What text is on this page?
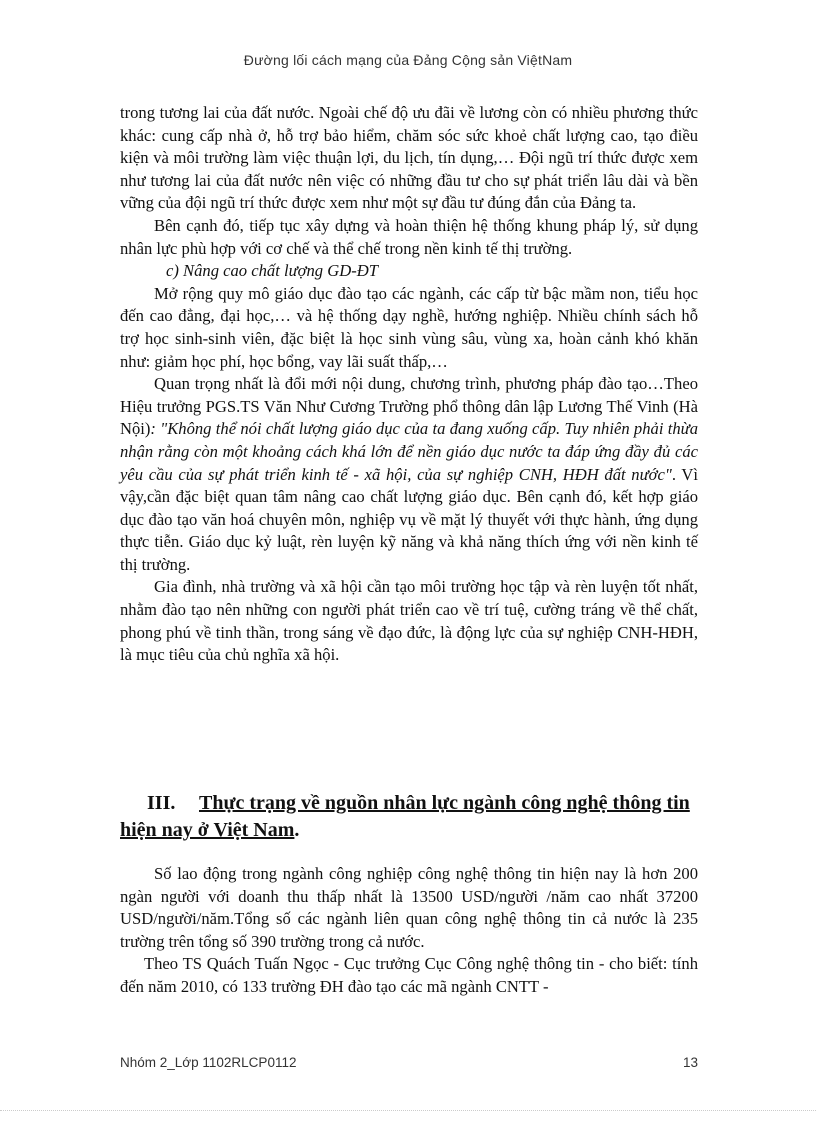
Đường lối cách mạng của Đảng Cộng sản ViệtNam

trong tương lai của đất nước. Ngoài chế độ ưu đãi về lương còn có nhiều phương thức khác: cung cấp nhà ở, hỗ trợ bảo hiểm, chăm sóc sức khoẻ chất lượng cao, tạo điều kiện và môi trường làm việc thuận lợi, du lịch, tín dụng,… Đội ngũ trí thức được xem như tương lai của đất nước nên việc có những đầu tư cho sự phát triển lâu dài và bền vững của đội ngũ trí thức được xem như một sự đầu tư đúng đắn của Đảng ta.

Bên cạnh đó, tiếp tục xây dựng và hoàn thiện hệ thống khung pháp lý, sử dụng nhân lực phù hợp với cơ chế và thể chế trong nền kinh tế thị trường.

c) Nâng cao chất lượng GD-ĐT

Mở rộng quy mô giáo dục đào tạo các ngành, các cấp từ bậc mầm non, tiểu học đến cao đẳng, đại học,… và hệ thống dạy nghề, hướng nghiệp. Nhiều chính sách hỗ trợ học sinh-sinh viên, đặc biệt là học sinh vùng sâu, vùng xa, hoàn cảnh khó khăn như: giảm học phí, học bổng, vay lãi suất thấp,…

Quan trọng nhất là đổi mới nội dung, chương trình, phương pháp đào tạo…Theo Hiệu trưởng PGS.TS Văn Như Cương Trường phổ thông dân lập Lương Thế Vinh (Hà Nội): "Không thể nói chất lượng giáo dục của ta đang xuống cấp. Tuy nhiên phải thừa nhận rằng còn một khoảng cách khá lớn để nền giáo dục nước ta đáp ứng đầy đủ các yêu cầu của sự phát triển kinh tế - xã hội, của sự nghiệp CNH, HĐH đất nước". Vì vậy,cần đặc biệt quan tâm nâng cao chất lượng giáo dục. Bên cạnh đó, kết hợp giáo dục đào tạo văn hoá chuyên môn, nghiệp vụ về mặt lý thuyết với thực hành, ứng dụng thực tiễn. Giáo dục kỷ luật, rèn luyện kỹ năng và khả năng thích ứng với nền kinh tế thị trường.

Gia đình, nhà trường và xã hội cần tạo môi trường học tập và rèn luyện tốt nhất, nhằm đào tạo nên những con người phát triển cao về trí tuệ, cường tráng về thể chất, phong phú về tinh thần, trong sáng về đạo đức, là động lực của sự nghiệp CNH-HĐH, là mục tiêu của chủ nghĩa xã hội.

III. Thực trạng về nguồn nhân lực ngành công nghệ thông tin hiện nay ở Việt Nam.

Số lao động trong ngành công nghiệp công nghệ thông tin hiện nay là hơn 200 ngàn người với doanh thu thấp nhất là 13500 USD/người /năm cao nhất 37200 USD/người/năm.Tổng số các ngành liên quan công nghệ thông tin cả nước là 235 trường trên tổng số 390 trường trong cả nước.

Theo TS Quách Tuấn Ngọc - Cục trưởng Cục Công nghệ thông tin - cho biết: tính đến năm 2010, có 133 trường ĐH đào tạo các mã ngành CNTT -

Nhóm 2_Lớp 1102RLCP0112	13
